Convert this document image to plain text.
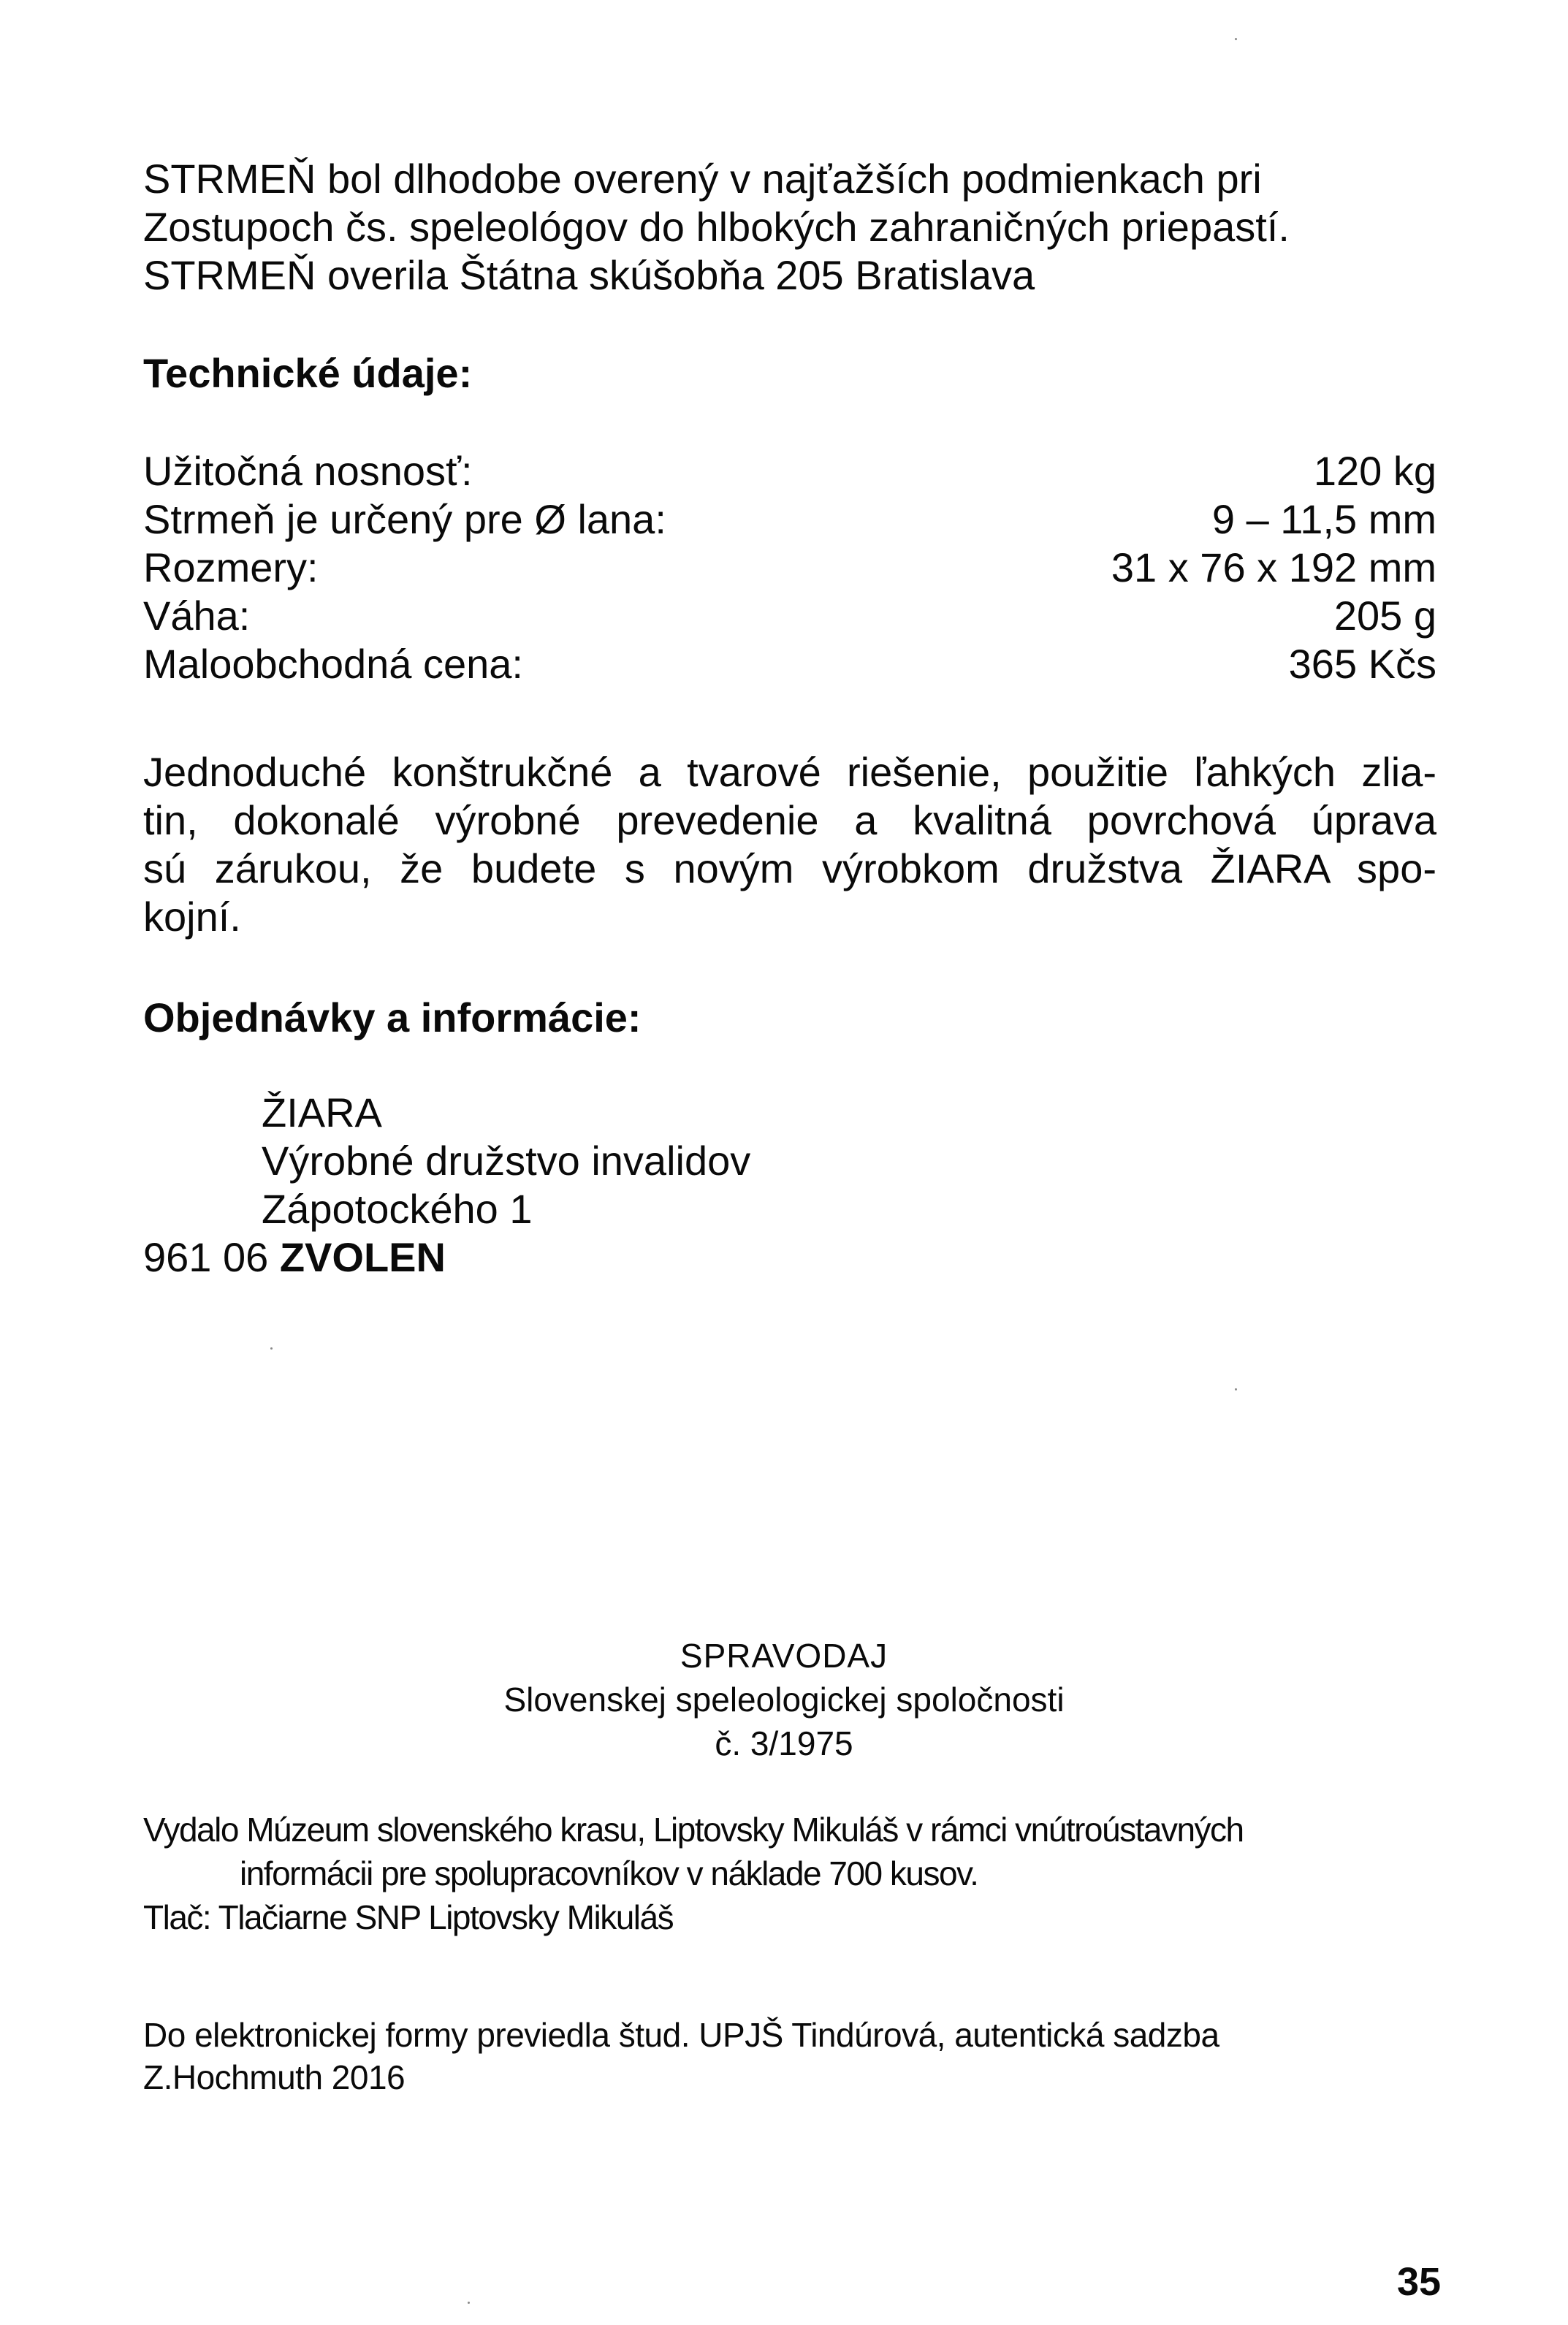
STRMEŇ bol dlhodobe overený v najťažších podmienkach pri
Zostupoch čs. speleológov do hlbokých zahraničných priepastí.
STRMEŇ overila Štátna skúšobňa 205 Bratislava
Technické údaje:
Užitočná nosnosť:	120 kg
Strmeň je určený pre Ø lana:	9 – 11,5 mm
Rozmery:	31 x 76 x 192 mm
Váha:	205 g
Maloobchodná cena:	365 Kčs
Jednoduché konštrukčné a tvarové riešenie, použitie ľahkých zlia-
tin, dokonalé výrobné prevedenie a kvalitná povrchová úprava
sú zárukou, že budete s novým výrobkom družstva ŽIARA spo-
kojní.
Objednávky a informácie:
ŽIARA
Výrobné družstvo invalidov
Zápotockého 1
961 06 ZVOLEN
SPRAVODAJ
Slovenskej speleologickej spoločnosti
č. 3/1975
Vydalo Múzeum slovenského krasu, Liptovsky Mikuláš v rámci vnútroústavných
informácii pre spolupracovníkov v náklade 700 kusov.
Tlač: Tlačiarne SNP Liptovsky Mikuláš
Do elektronickej formy previedla štud. UPJŠ Tindúrová, autentická sadzba
Z.Hochmuth 2016
35
